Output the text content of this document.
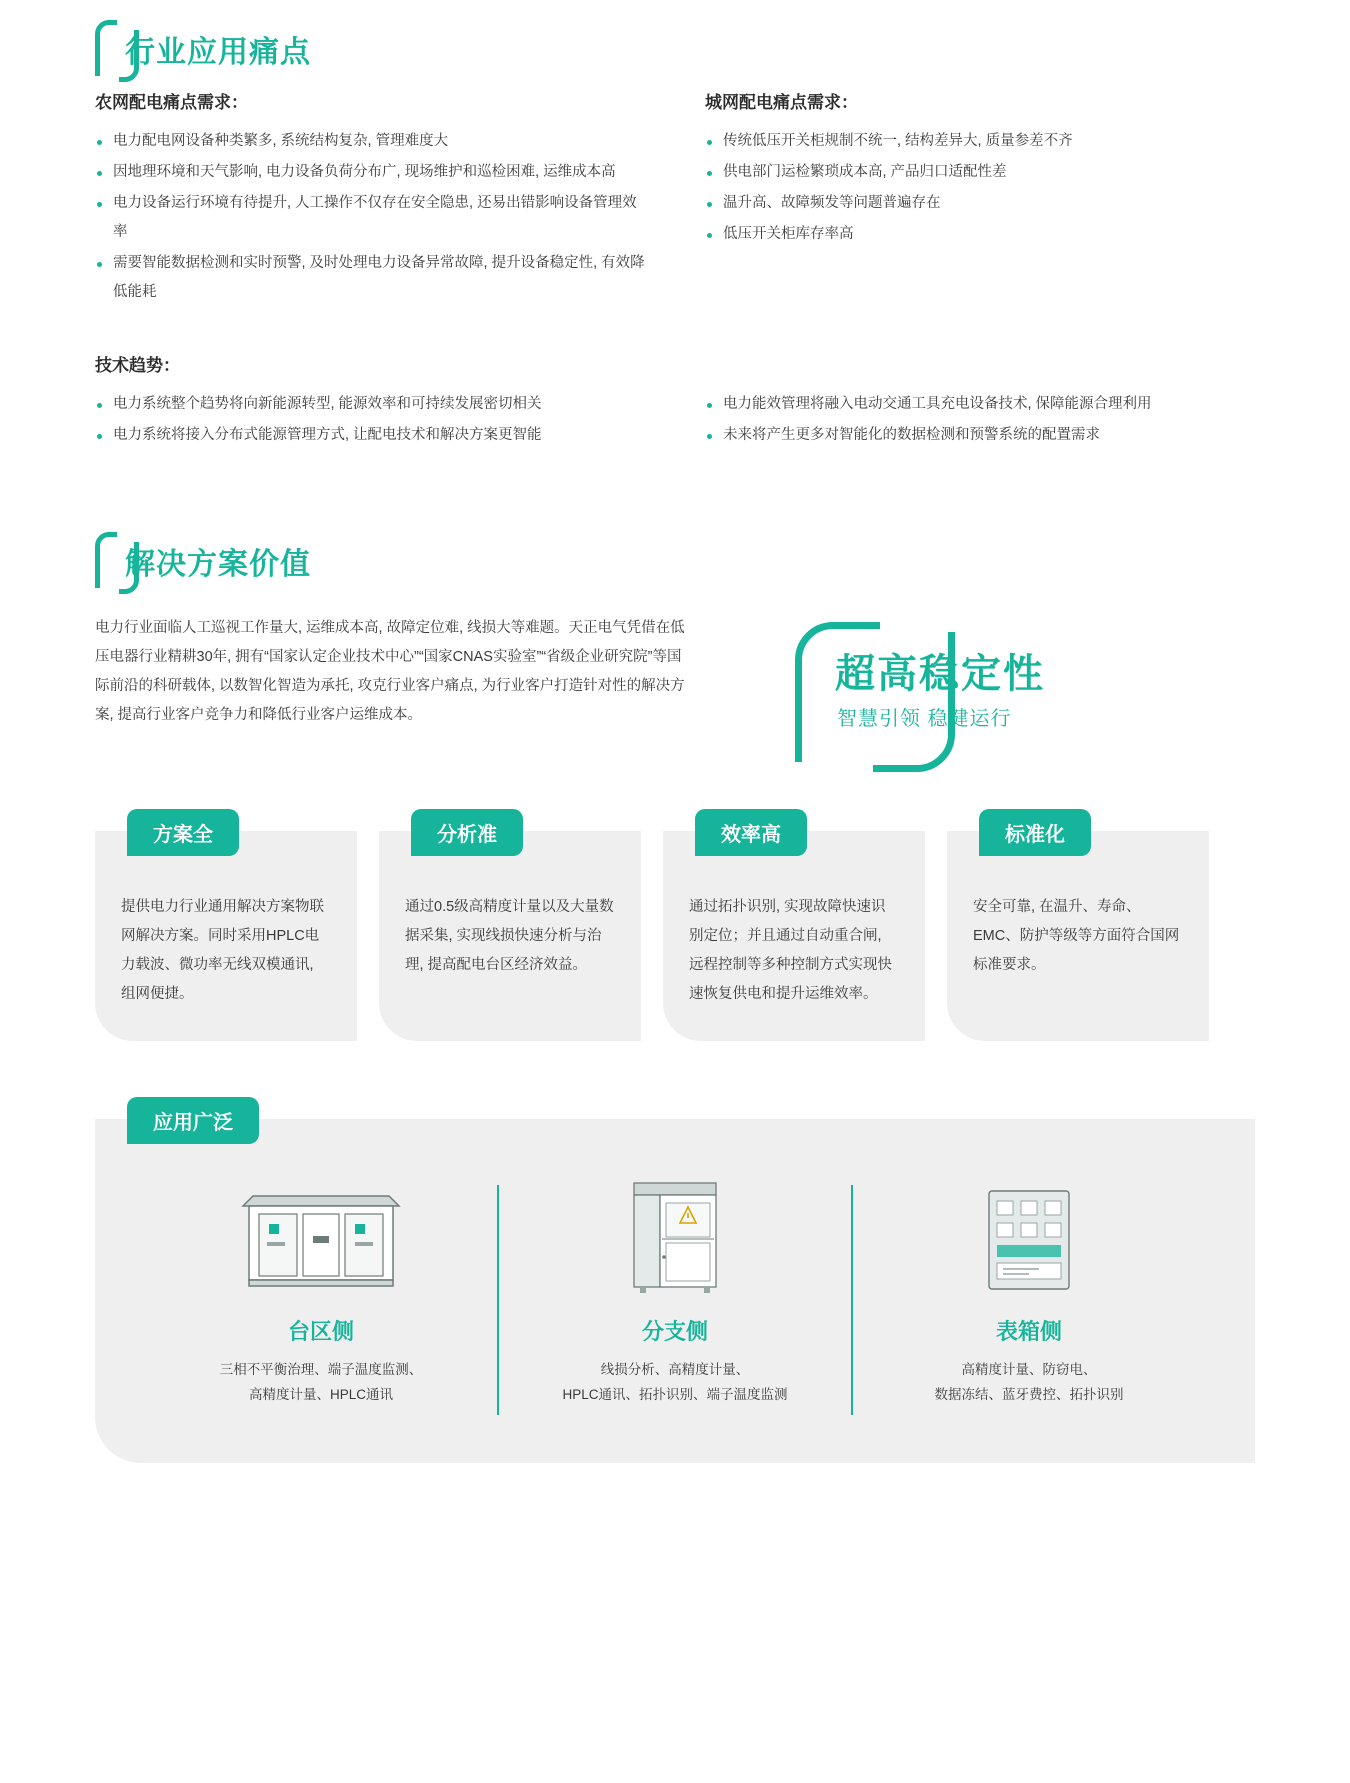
行业应用痛点
农网配电痛点需求：
电力配电网设备种类繁多, 系统结构复杂, 管理难度大
因地理环境和天气影响, 电力设备负荷分布广, 现场维护和巡检困难, 运维成本高
电力设备运行环境有待提升, 人工操作不仅存在安全隐患, 还易出错影响设备管理效率
需要智能数据检测和实时预警, 及时处理电力设备异常故障, 提升设备稳定性, 有效降低能耗
城网配电痛点需求：
传统低压开关柜规制不统一, 结构差异大, 质量参差不齐
供电部门运检繁琐成本高, 产品归口适配性差
温升高、故障频发等问题普遍存在
低压开关柜库存率高
技术趋势：
电力系统整个趋势将向新能源转型, 能源效率和可持续发展密切相关
电力系统将接入分布式能源管理方式, 让配电技术和解决方案更智能
电力能效管理将融入电动交通工具充电设备技术, 保障能源合理利用
未来将产生更多对智能化的数据检测和预警系统的配置需求
解决方案价值
电力行业面临人工巡视工作量大, 运维成本高, 故障定位难, 线损大等难题。天正电气凭借在低压电器行业精耕30年, 拥有“国家认定企业技术中心”“国家CNAS实验室”“省级企业研究院”等国际前沿的科研载体, 以数智化智造为承托, 攻克行业客户痛点, 为行业客户打造针对性的解决方案, 提高行业客户竞争力和降低行业客户运维成本。
超高稳定性
智慧引领 稳健运行
方案全

提供电力行业通用解决方案物联网解决方案。同时采用HPLC电力载波、微功率无线双模通讯, 组网便捷。

分析准

通过0.5级高精度计量以及大量数据采集, 实现线损快速分析与治理, 提高配电台区经济效益。

效率高

通过拓扑识别, 实现故障快速识别定位；并且通过自动重合闸, 远程控制等多种控制方式实现快速恢复供电和提升运维效率。

标准化

安全可靠, 在温升、寿命、EMC、防护等级等方面符合国网标准要求。

应用广泛
台区侧
三相不平衡治理、端子温度监测、
高精度计量、HPLC通讯
分支侧
线损分析、高精度计量、
HPLC通讯、拓扑识别、端子温度监测
表箱侧
高精度计量、防窃电、
数据冻结、蓝牙费控、拓扑识别
